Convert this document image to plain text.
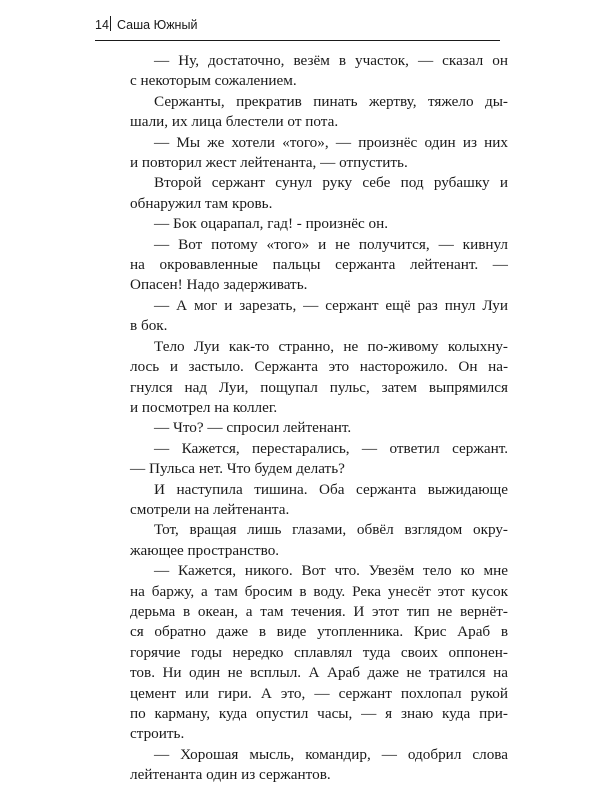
14 Саша Южный
— Ну, достаточно, везём в участок, — сказал он
с некоторым сожалением.
Сержанты, прекратив пинать жертву, тяжело ды-
шали, их лица блестели от пота.
— Мы же хотели «того», — произнёс один из них
и повторил жест лейтенанта, — отпустить.
Второй сержант сунул руку себе под рубашку и
обнаружил там кровь.
— Бок оцарапал, гад! - произнёс он.
— Вот потому «того» и не получится, — кивнул
на окровавленные пальцы сержанта лейтенант. —
Опасен! Надо задерживать.
— А мог и зарезать, — сержант ещё раз пнул Луи
в бок.
Тело Луи как-то странно, не по-живому колыхну-
лось и застыло. Сержанта это насторожило. Он на-
гнулся над Луи, пощупал пульс, затем выпрямился
и посмотрел на коллег.
— Что? — спросил лейтенант.
— Кажется, перестарались, — ответил сержант.
— Пульса нет. Что будем делать?
И наступила тишина. Оба сержанта выжидающе
смотрели на лейтенанта.
Тот, вращая лишь глазами, обвёл взглядом окру-
жающее пространство.
— Кажется, никого. Вот что. Увезём тело ко мне
на баржу, а там бросим в воду. Река унесёт этот кусок
дерьма в океан, а там течения. И этот тип не вернёт-
ся обратно даже в виде утопленника. Крис Араб в
горячие годы нередко сплавлял туда своих оппонен-
тов. Ни один не всплыл. А Араб даже не тратился на
цемент или гири. А это, — сержант похлопал рукой
по карману, куда опустил часы, — я знаю куда при-
строить.
— Хорошая мысль, командир, — одобрил слова
лейтенанта один из сержантов.
